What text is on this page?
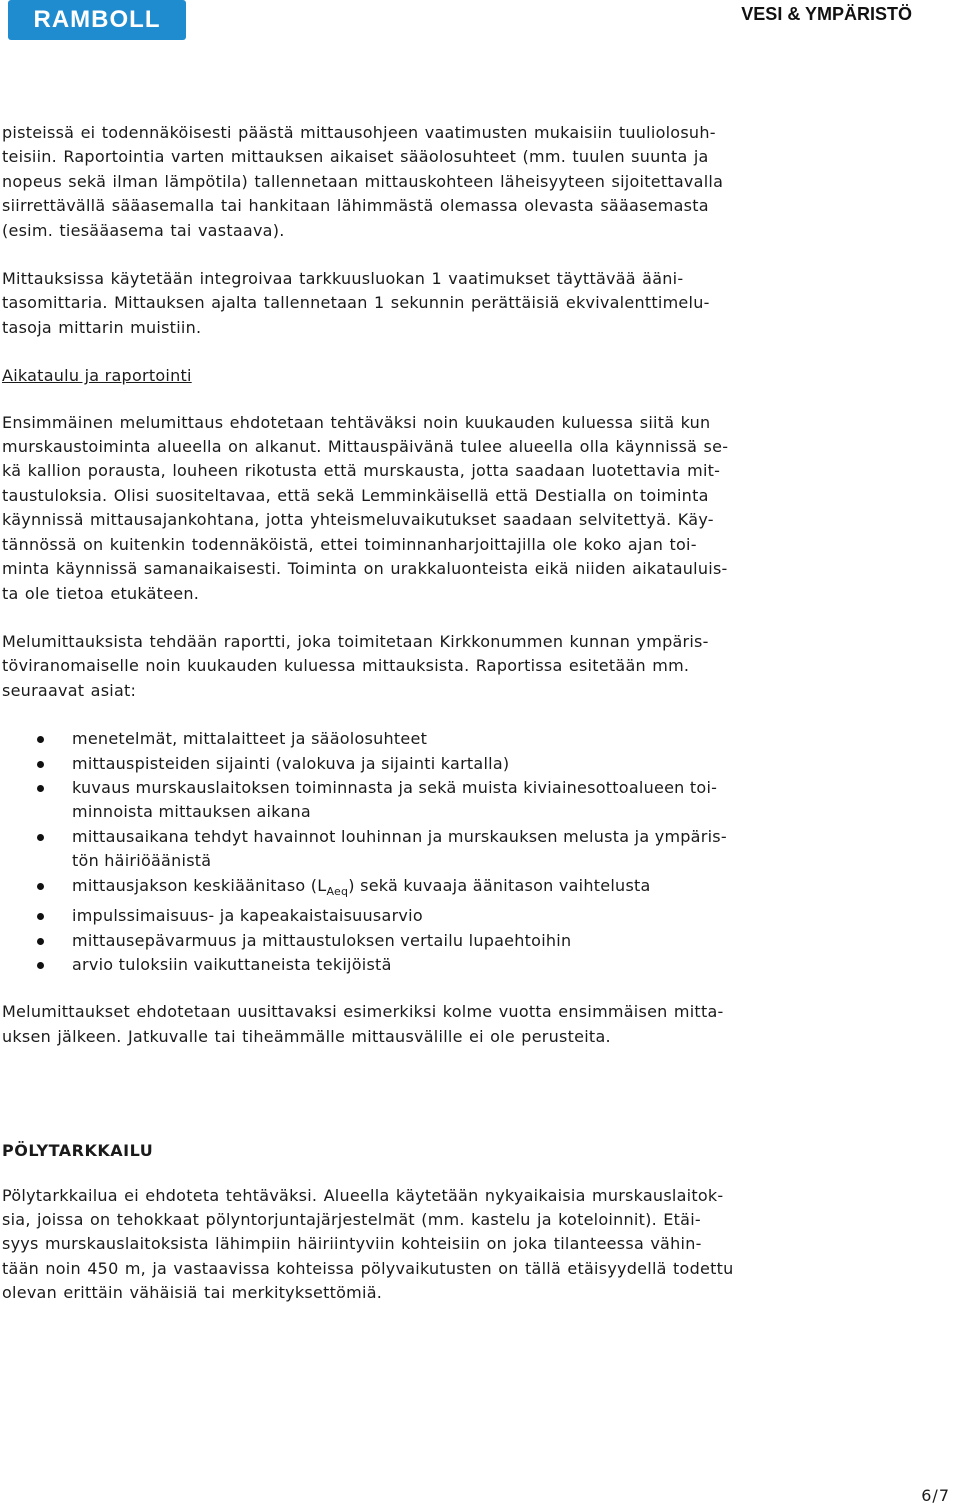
RAMBOLL	VESI & YMPÄRISTÖ

pisteissä ei todennäköisesti päästä mittausohjeen vaatimusten mukaisiin tuuliolosuh-
teisiin. Raportointia varten mittauksen aikaiset sääolosuhteet (mm. tuulen suunta ja
nopeus sekä ilman lämpötila) tallennetaan mittauskohteen läheisyyteen sijoitettavalla
siirrettävällä sääasemalla tai hankitaan lähimmästä olemassa olevasta sääasemasta
(esim. tiesääasema tai vastaava).

Mittauksissa käytetään integroivaa tarkkuusluokan 1 vaatimukset täyttävää ääni-
tasomittaria. Mittauksen ajalta tallennetaan 1 sekunnin perättäisiä ekvivalenttimelu-
tasoja mittarin muistiin.

Aikataulu ja raportointi

Ensimmäinen melumittaus ehdotetaan tehtäväksi noin kuukauden kuluessa siitä kun
murskaustoiminta alueella on alkanut. Mittauspäivänä tulee alueella olla käynnissä se-
kä kallion porausta, louheen rikotusta että murskausta, jotta saadaan luotettavia mit-
taustuloksia. Olisi suositeltavaa, että sekä Lemminkäisellä että Destialla on toiminta
käynnissä mittausajankohtana, jotta yhteismeluvaikutukset saadaan selvitettyä. Käy-
tännössä on kuitenkin todennäköistä, ettei toiminnanharjoittajilla ole koko ajan toi-
minta käynnissä samanaikaisesti. Toiminta on urakkaluonteista eikä niiden aikatauluis-
ta ole tietoa etukäteen.

Melumittauksista tehdään raportti, joka toimitetaan Kirkkonummen kunnan ympäris-
töviranomaiselle noin kuukauden kuluessa mittauksista. Raportissa esitetään mm.
seuraavat asiat:

menetelmät, mittalaitteet ja sääolosuhteet
mittauspisteiden sijainti (valokuva ja sijainti kartalla)
kuvaus murskauslaitoksen toiminnasta ja sekä muista kiviainesottoalueen toi-
minnoista mittauksen aikana
mittausaikana tehdyt havainnot louhinnan ja murskauksen melusta ja ympäris-
tön häiriöäänistä
mittausjakson keskiäänitaso $(L_{Aeq})$ sekä kuvaaja äänitason vaihtelusta
impulssimaisuus- ja kapeakaistaisuusarvio
mittausepävarmuus ja mittaustuloksen vertailu lupaehtoihin
arvio tuloksiin vaikuttaneista tekijöistä

Melumittaukset ehdotetaan uusittavaksi esimerkiksi kolme vuotta ensimmäisen mitta-
uksen jälkeen. Jatkuvalle tai tiheämmälle mittausvälille ei ole perusteita.

PÖLYTARKKAILU

Pölytarkkailua ei ehdoteta tehtäväksi. Alueella käytetään nykyaikaisia murskauslaitok-
sia, joissa on tehokkaat pölyntorjuntajärjestelmät (mm. kastelu ja koteloinnit). Etäi-
syys murskauslaitoksista lähimpiin häiriintyviin kohteisiin on joka tilanteessa vähin-
tään noin 450 m, ja vastaavissa kohteissa pölyvaikutusten on tällä etäisyydellä todettu
olevan erittäin vähäisiä tai merkityksettömiä.

6/7
